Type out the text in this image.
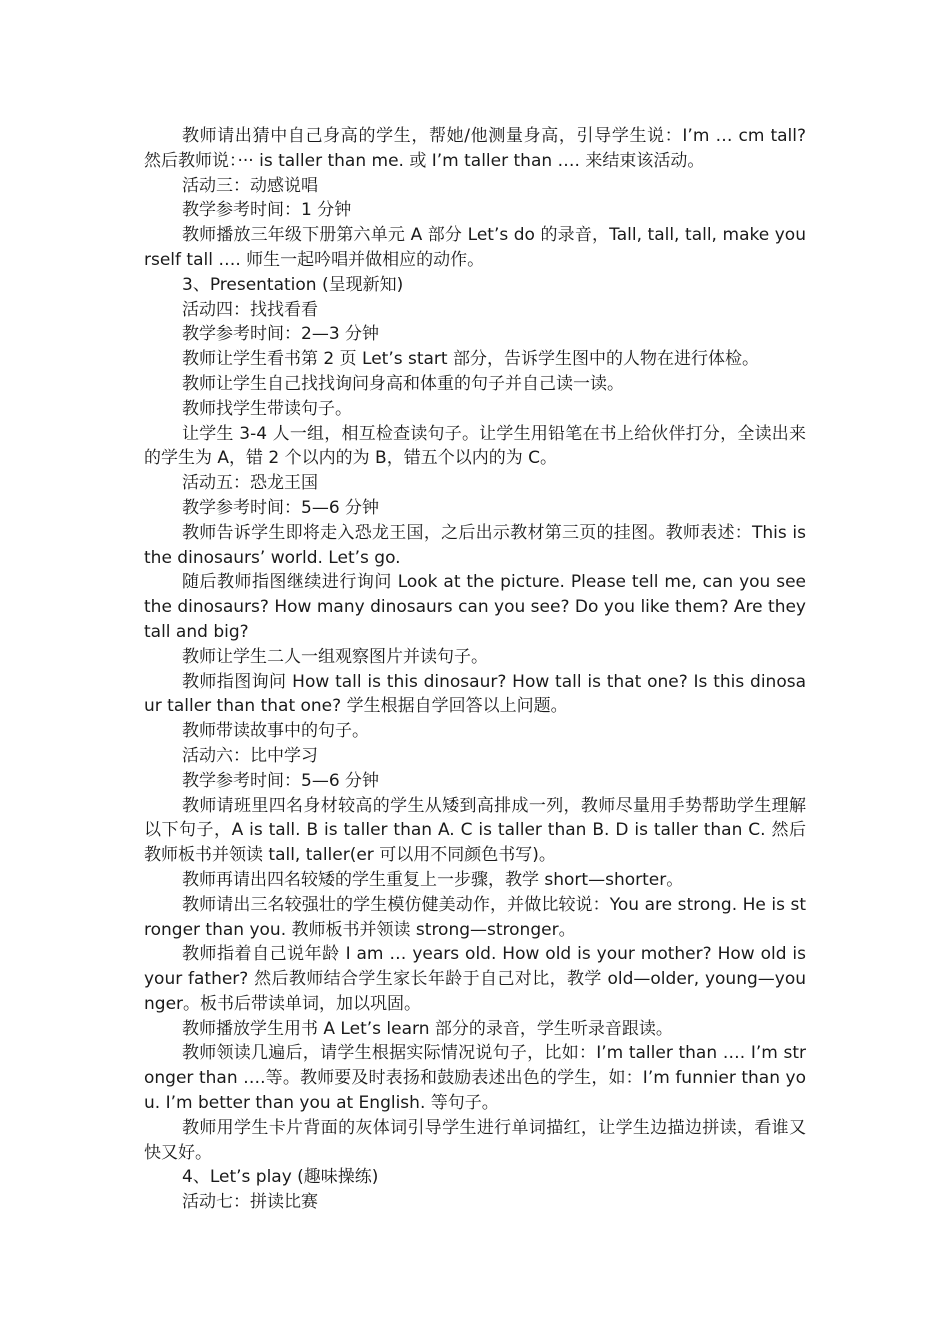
教师请出猜中自己身高的学生，帮她/他测量身高，引导学生说：I’m … cm tall? 然后教师说：··· is taller than me. 或 I’m taller than …. 来结束该活动。

活动三：动感说唱

教学参考时间：1 分钟

教师播放三年级下册第六单元 A 部分 Let’s do 的录音，Tall, tall, tall, make yourself tall …. 师生一起吟唱并做相应的动作。

3、Presentation (呈现新知)

活动四：找找看看

教学参考时间：2—3 分钟

教师让学生看书第 2 页 Let’s start 部分，告诉学生图中的人物在进行体检。

教师让学生自己找找询问身高和体重的句子并自己读一读。

教师找学生带读句子。

让学生 3-4 人一组，相互检查读句子。让学生用铅笔在书上给伙伴打分，全读出来的学生为 A，错 2 个以内的为 B，错五个以内的为 C。

活动五：恐龙王国

教学参考时间：5—6 分钟

教师告诉学生即将走入恐龙王国，之后出示教材第三页的挂图。教师表述：This is the dinosaurs’ world. Let’s go.

随后教师指图继续进行询问 Look at the picture. Please tell me, can you see the dinosaurs? How many dinosaurs can you see? Do you like them? Are they tall and big?

教师让学生二人一组观察图片并读句子。

教师指图询问 How tall is this dinosaur? How tall is that one? Is this dinosaur taller than that one? 学生根据自学回答以上问题。

教师带读故事中的句子。

活动六：比中学习

教学参考时间：5—6 分钟

教师请班里四名身材较高的学生从矮到高排成一列，教师尽量用手势帮助学生理解以下句子，A is tall. B is taller than A. C is taller than B. D is taller than C. 然后教师板书并领读 tall, taller(er 可以用不同颜色书写)。

教师再请出四名较矮的学生重复上一步骤，教学 short—shorter。

教师请出三名较强壮的学生模仿健美动作，并做比较说：You are strong. He is stronger than you. 教师板书并领读 strong—stronger。

教师指着自己说年龄 I am … years old. How old is your mother? How old is your father? 然后教师结合学生家长年龄于自己对比，教学 old—older, young—younger。板书后带读单词，加以巩固。

教师播放学生用书 A Let’s learn 部分的录音，学生听录音跟读。

教师领读几遍后，请学生根据实际情况说句子，比如：I’m taller than …. I’m stronger than ….等。教师要及时表扬和鼓励表述出色的学生，如：I’m funnier than you. I’m better than you at English. 等句子。

教师用学生卡片背面的灰体词引导学生进行单词描红，让学生边描边拼读，看谁又快又好。

4、Let’s play (趣味操练)

活动七：拼读比赛
